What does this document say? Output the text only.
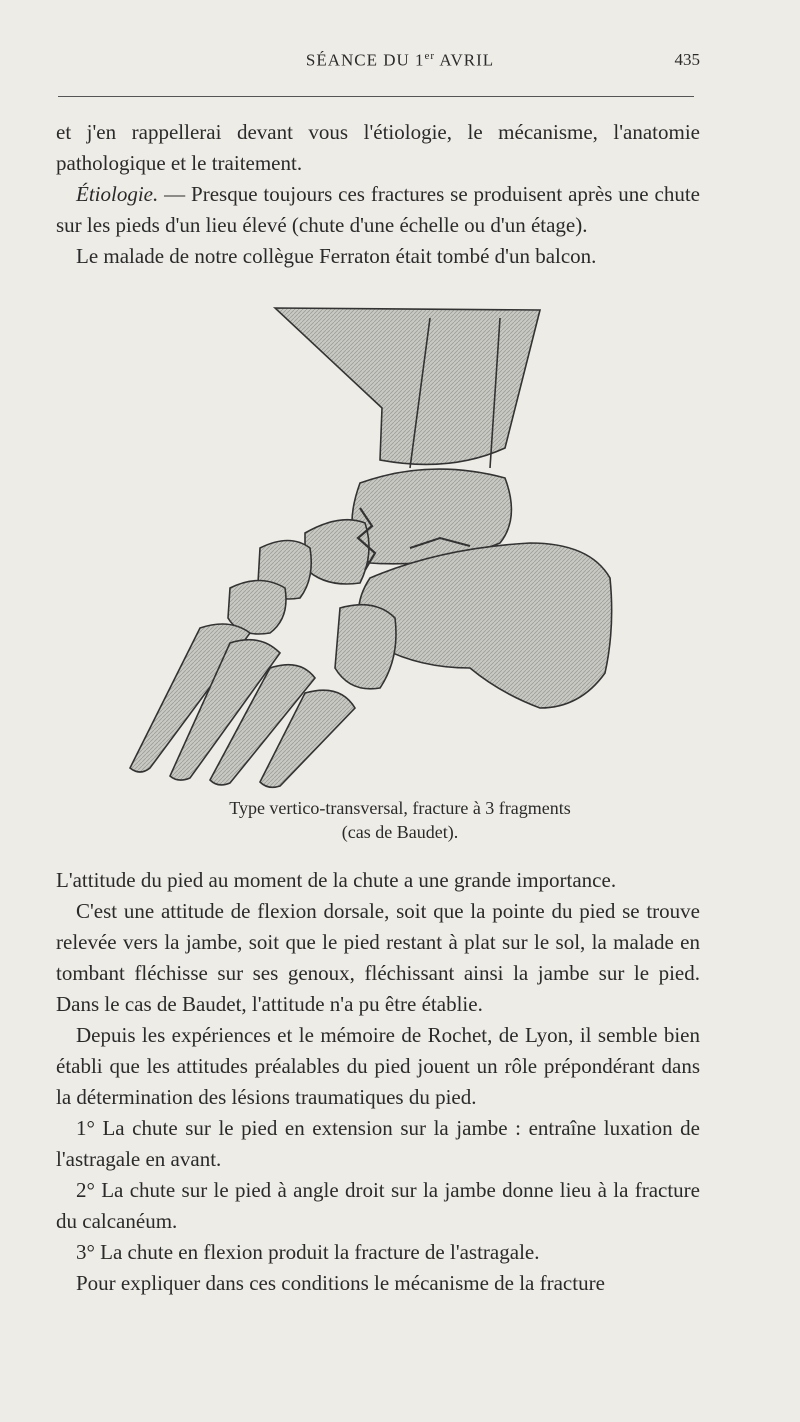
SÉANCE DU 1er AVRIL	435

et j'en rappellerai devant vous l'étiologie, le mécanisme, l'anatomie pathologique et le traitement.

Étiologie. — Presque toujours ces fractures se produisent après une chute sur les pieds d'un lieu élevé (chute d'une échelle ou d'un étage).

Le malade de notre collègue Ferraton était tombé d'un balcon.

Type vertico-transversal, fracture à 3 fragments
(cas de Baudet).

L'attitude du pied au moment de la chute a une grande importance.

C'est une attitude de flexion dorsale, soit que la pointe du pied se trouve relevée vers la jambe, soit que le pied restant à plat sur le sol, la malade en tombant fléchisse sur ses genoux, fléchissant ainsi la jambe sur le pied. Dans le cas de Baudet, l'attitude n'a pu être établie.

Depuis les expériences et le mémoire de Rochet, de Lyon, il semble bien établi que les attitudes préalables du pied jouent un rôle prépondérant dans la détermination des lésions traumatiques du pied.

1° La chute sur le pied en extension sur la jambe : entraîne luxation de l'astragale en avant.

2° La chute sur le pied à angle droit sur la jambe donne lieu à la fracture du calcanéum.

3° La chute en flexion produit la fracture de l'astragale.

Pour expliquer dans ces conditions le mécanisme de la fracture
